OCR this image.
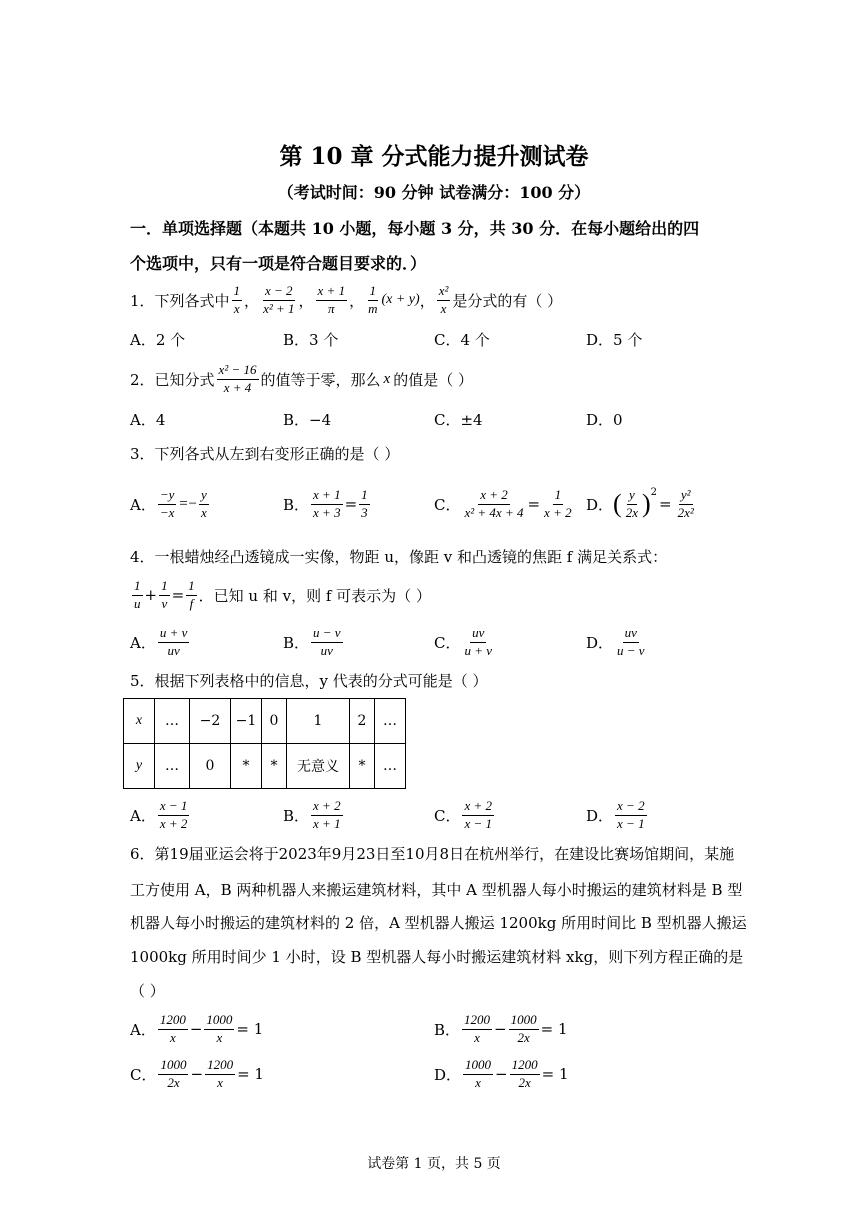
第 10 章 分式能力提升测试卷
（考试时间：90 分钟 试卷满分：100 分）
一．单项选择题（本题共 10 小题，每小题 3 分，共 30 分．在每小题给出的四
个选项中，只有一项是符合题目要求的．）
1．下列各式中 $\frac{1}{x}$ ， $\frac{x - 2}{\text{x² + 1}}$ ， $\frac{x + 1}{\pi}$ ， $\frac{1}{m} (x + y)$ ， $\frac{\text{x²}}{x}$ 是分式的有（ ）
A．2 个	B．3 个	C．4 个	D．5 个
2．已知分式 $\frac{\text{x² − 16}}{x + 4}$ 的值等于零，那么 x 的值是（ ）
A．4	B．−4	C．±4	D．0
3．下列各式从左到右变形正确的是（ ）
A． $\frac{-y}{-x}$ = − $\frac{y}{x}$	B． $\frac{x + 1}{x + 3} = \frac{1}{3}$	C． $\frac{x + 2}{\text{x² + 4x + 4}} = \frac{1}{x + 2}$ D． ( $\frac{y}{2x}$ ) 2
= $\frac{\text{y²}}{\text{2x²}}$
4．一根蜡烛经凸透镜成一实像，物距 u，像距 v 和凸透镜的焦距 f 满足关系式：
$\frac{1}{u} + \frac{1}{v} = \frac{1}{f}$ ．已知 u 和 v，则 f 可表示为（ ）
A． $\frac{u + v}{uv}$	B． $\frac{u - v}{uv}$	C． $\frac{uv}{u + v}$	D． $\frac{uv}{u - v}$
5．根据下列表格中的信息，y 代表的分式可能是（ ）
x	…	−2	−1	0	1	2	…
y	…	0	*	*	无意义	*	…
A． $\frac{x - 1}{x + 2}$	B． $\frac{x + 2}{x + 1}$	C． $\frac{x + 2}{x - 1}$	D． $\frac{x - 2}{x - 1}$
6．第19届亚运会将于2023年9月23日至10月8日在杭州举行，在建设比赛场馆期间，某施
工方使用 A，B 两种机器人来搬运建筑材料，其中 A 型机器人每小时搬运的建筑材料是 B 型
机器人每小时搬运的建筑材料的 2 倍，A 型机器人搬运 1200kg 所用时间比 B 型机器人搬运
1000kg 所用时间少 1 小时，设 B 型机器人每小时搬运建筑材料 xkg，则下列方程正确的是
（ ）
A． $\frac{1200}{x} - \frac{1000}{x} = 1$	B． $\frac{1200}{x} - \frac{1000}{2x} = 1$
C． $\frac{1000}{2x} - \frac{1200}{x} = 1$	D． $\frac{1000}{x} - \frac{1200}{2x} = 1$
试卷第 1 页，共 5 页
